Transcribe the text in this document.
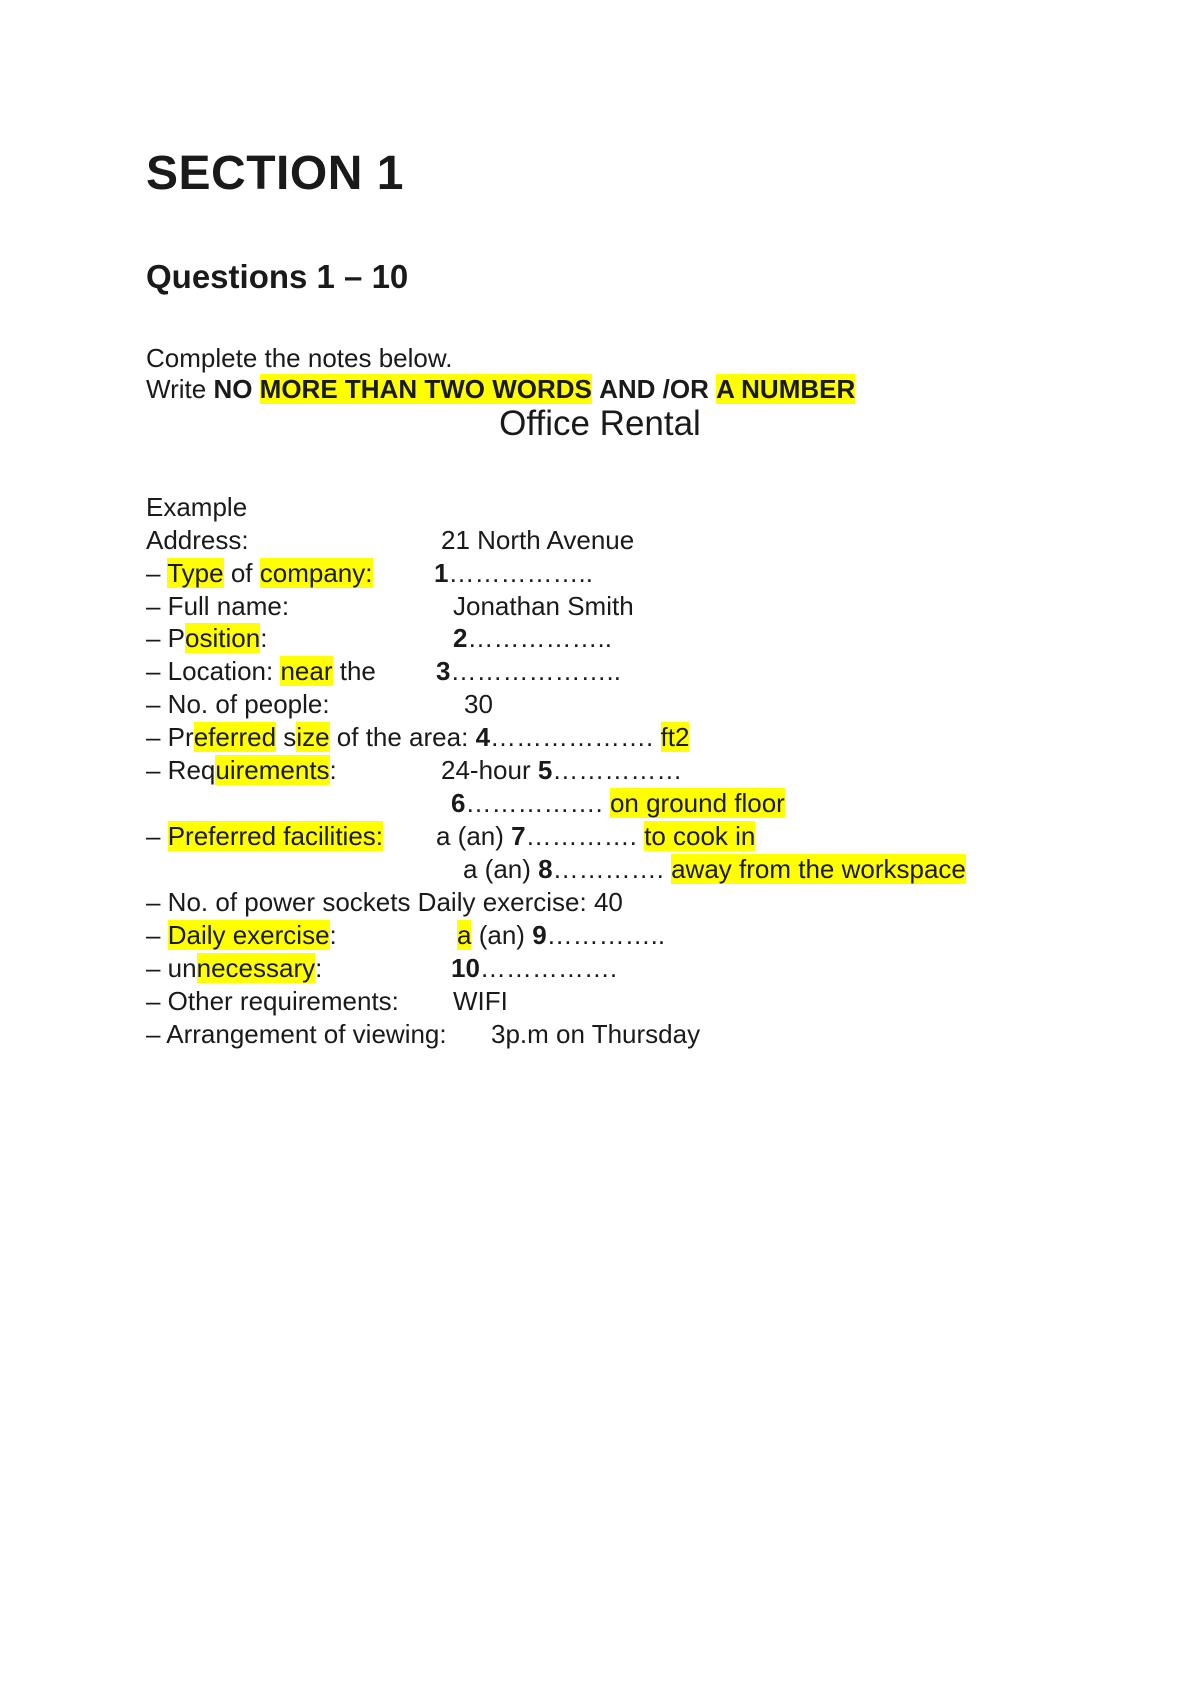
SECTION 1
Questions 1 – 10
Complete the notes below.
Write NO MORE THAN TWO WORDS AND /OR A NUMBER
Office Rental
Example
Address:	21 North Avenue
– Type of company: 1……………..
– Full name:	Jonathan Smith
– Position:	2……………..
– Location: near the 3………………..
– No. of people:	30
– Preferred size of the area: 4………………. ft2
– Requirements:	24-hour 5……………
6……………. on ground floor
– Preferred facilities: a (an) 7…………. to cook in
a (an) 8…………. away from the workspace
– No. of power sockets Daily exercise: 40
– Daily exercise:	a (an) 9…………..
– unnecessary:	10…………….
– Other requirements: WIFI
– Arrangement of viewing: 3p.m on Thursday
